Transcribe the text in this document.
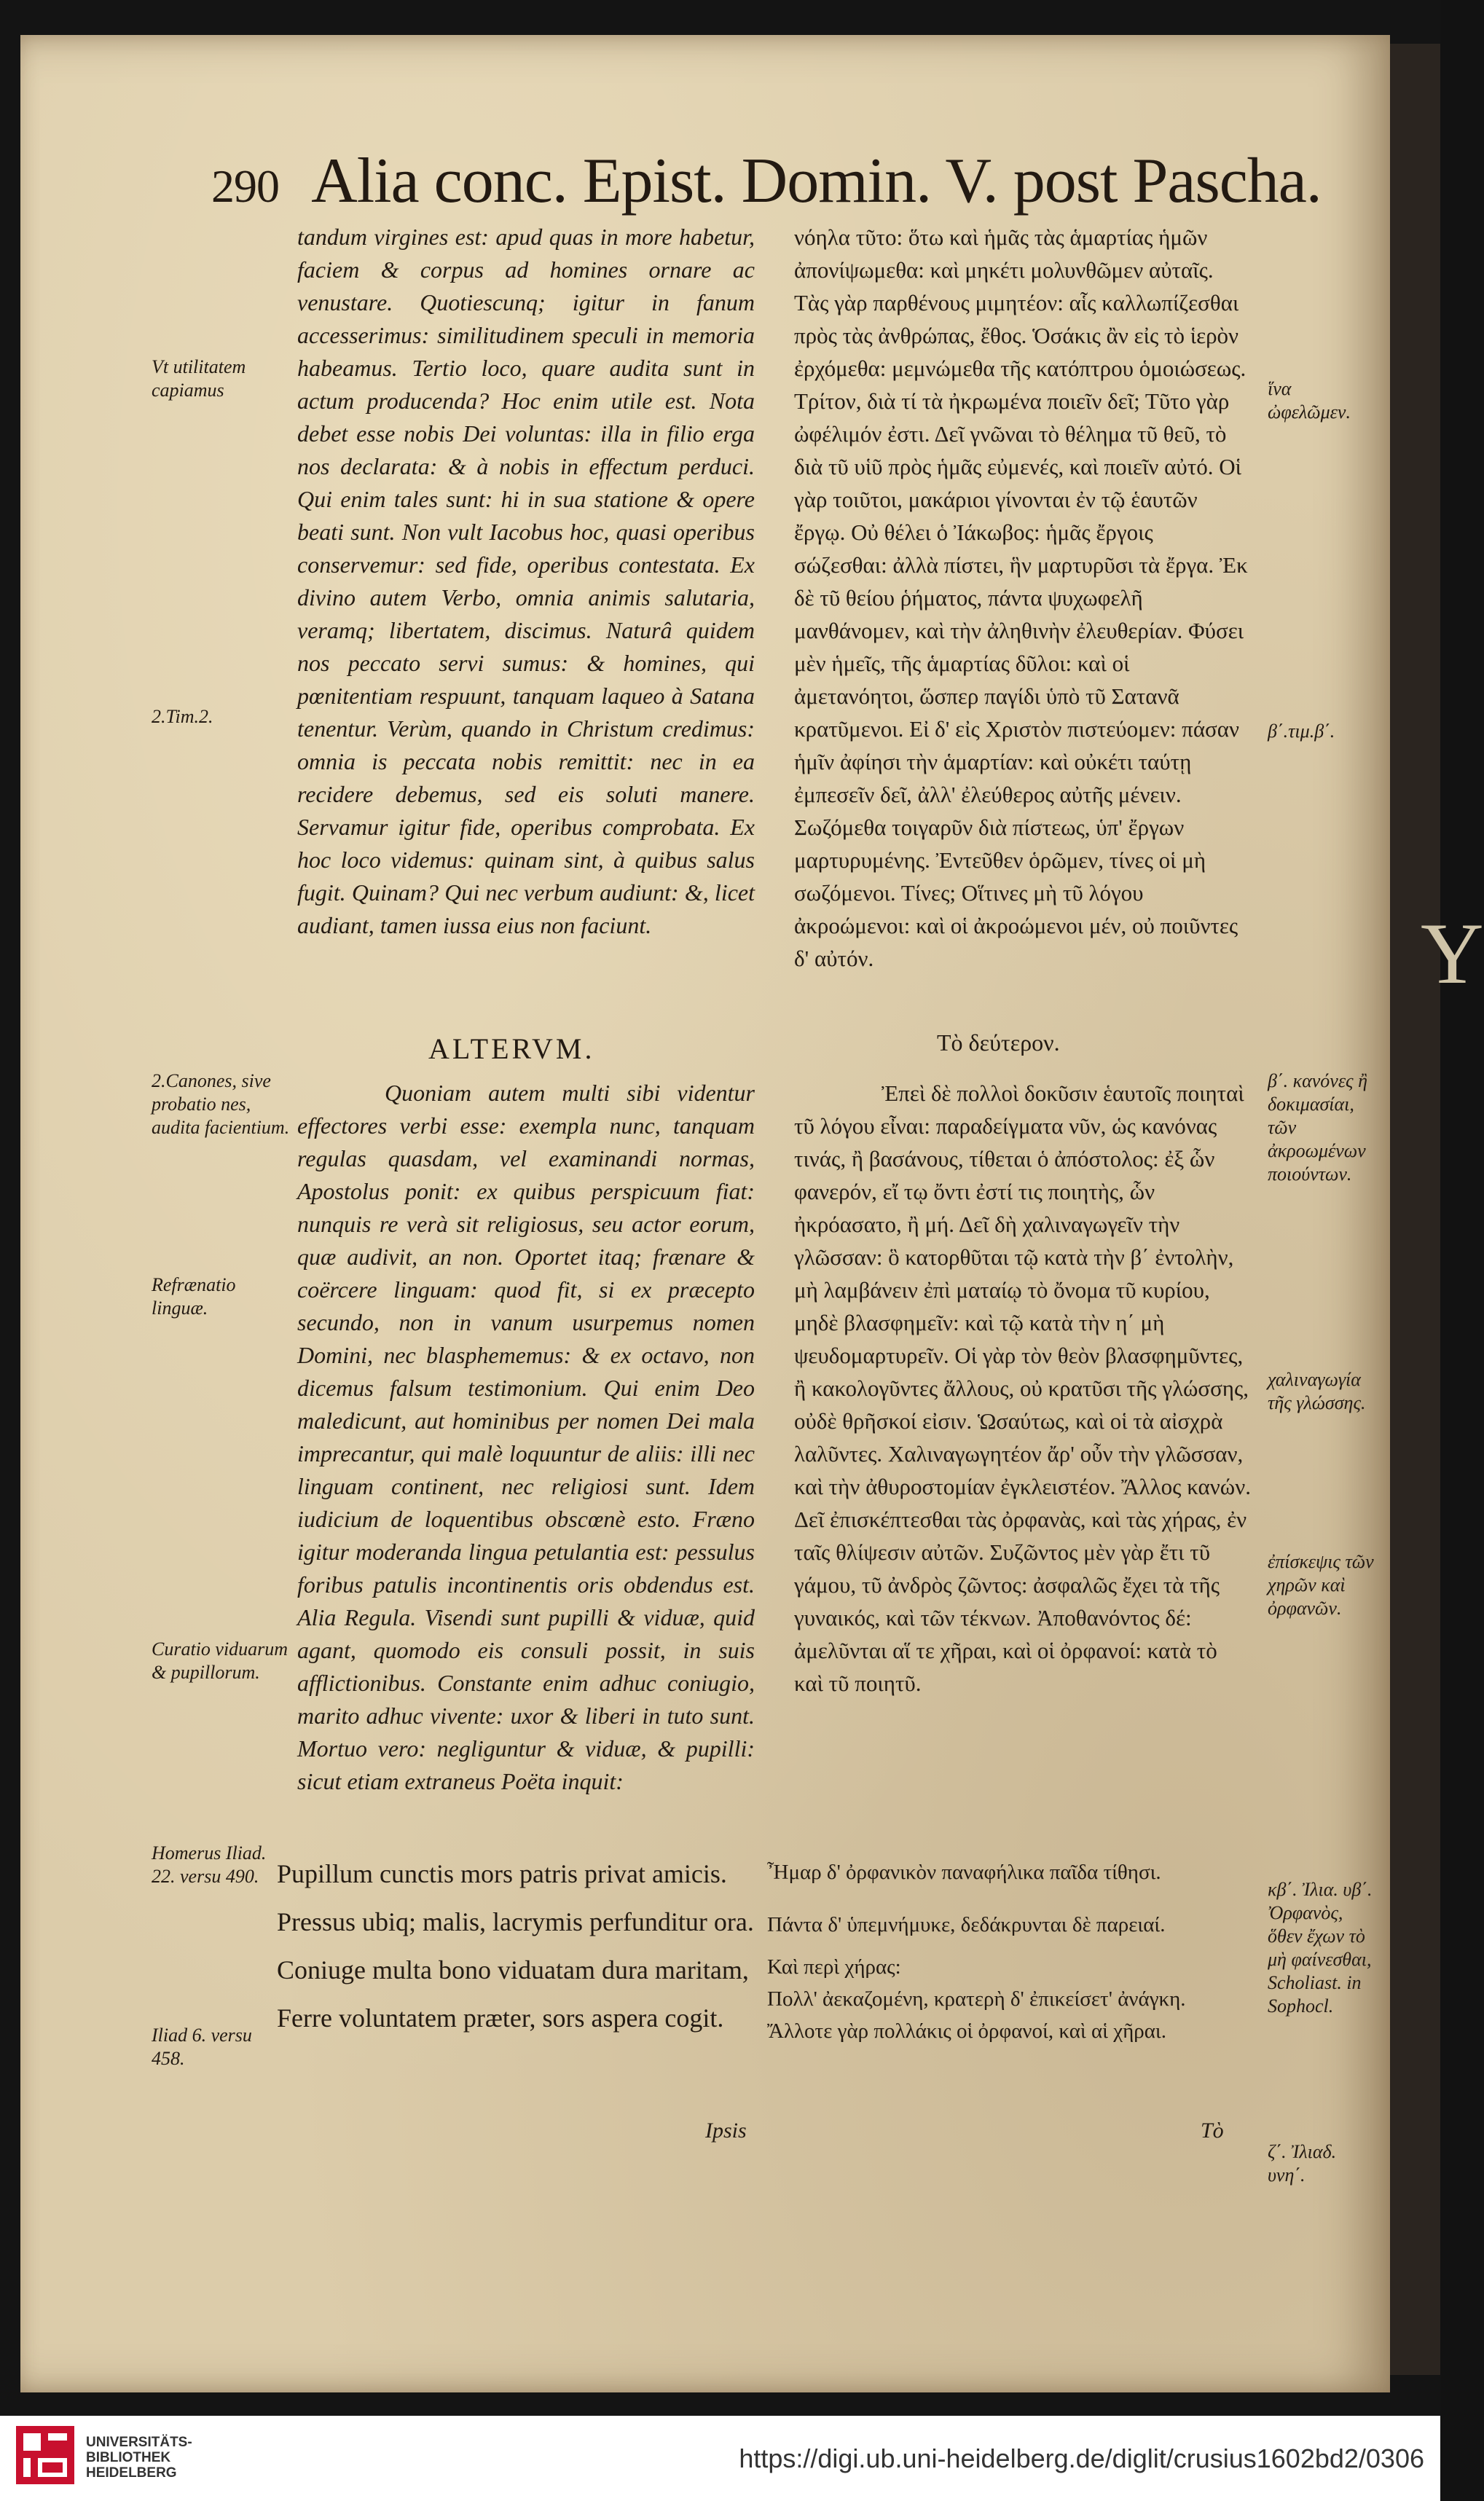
Y
290 Alia conc. Epist. Domin. V. post Pascha.

tandum virgines est: apud quas in more habetur, faciem & corpus ad homines ornare ac venustare. Quotiescunq; igitur in fanum accesserimus: similitudinem speculi in memoria habeamus. Tertio loco, quare audita sunt in actum producenda? Hoc enim utile est. Nota debet esse nobis Dei voluntas: illa in filio erga nos declarata: & à nobis in effectum perduci. Qui enim tales sunt: hi in sua statione & opere beati sunt. Non vult Iacobus hoc, quasi operibus conservemur: sed fide, operibus contestata. Ex divino autem Verbo, omnia animis salutaria, veramq; libertatem, discimus. Naturâ quidem nos peccato servi sumus: & homines, qui pœnitentiam respuunt, tanquam laqueo à Satana tenentur. Verùm, quando in Christum credimus: omnia is peccata nobis remittit: nec in ea recidere debemus, sed eis soluti manere. Servamur igitur fide, operibus comprobata. Ex hoc loco videmus: quinam sint, à quibus salus fugit. Quinam? Qui nec verbum audiunt: &, licet audiant, tamen iussa eius non faciunt.

νόηλα τῦτο: ὅτω καὶ ἡμᾶς τὰς ἁμαρτίας ἡμῶν ἀπονίψωμεθα: καὶ μηκέτι μολυνθῶμεν αὐταῖς. Τὰς γὰρ παρθένους μιμητέον: αἷς καλλωπίζεσθαι πρὸς τὰς ἀνθρώπας, ἔθος. Ὁσάκις ἂν εἰς τὸ ἱερὸν ἐρχόμεθα: μεμνώμεθα τῆς κατόπτρου ὁμοιώσεως. Τρίτον, διὰ τί τὰ ἠκρωμένα ποιεῖν δεῖ; Τῦτο γὰρ ὠφέλιμόν ἐστι. Δεῖ γνῶναι τὸ θέλημα τῦ θεῦ, τὸ διὰ τῦ υἱῦ πρὸς ἡμᾶς εὐμενές, καὶ ποιεῖν αὐτό. Οἱ γὰρ τοιῦτοι, μακάριοι γίνονται ἐν τῷ ἑαυτῶν ἔργῳ. Οὐ θέλει ὁ Ἰάκωβος: ἡμᾶς ἔργοις σώζεσθαι: ἀλλὰ πίστει, ἣν μαρτυρῦσι τὰ ἔργα. Ἐκ δὲ τῦ θείου ῥήματος, πάντα ψυχωφελῆ μανθάνομεν, καὶ τὴν ἀληθινὴν ἐλευθερίαν. Φύσει μὲν ἡμεῖς, τῆς ἁμαρτίας δῦλοι: καὶ οἱ ἀμετανόητοι, ὥσπερ παγίδι ὑπὸ τῦ Σατανᾶ κρατῦμενοι. Εἰ δ' εἰς Χριστὸν πιστεύομεν: πάσαν ἡμῖν ἀφίησι τὴν ἁμαρτίαν: καὶ οὐκέτι ταύτῃ ἐμπεσεῖν δεῖ, ἀλλ' ἐλεύθερος αὐτῆς μένειν. Σωζόμεθα τοιγαρῦν διὰ πίστεως, ὑπ' ἔργων μαρτυρυμένης. Ἐντεῦθεν ὁρῶμεν, τίνες οἱ μὴ σωζόμενοι. Τίνες; Οἵτινες μὴ τῦ λόγου ἀκροώμενοι: καὶ οἱ ἀκροώμενοι μέν, οὐ ποιῦντες δ' αὐτόν.

ALTERVM.	Τὸ δεύτερον.

Quoniam autem multi sibi videntur effectores verbi esse: exempla nunc, tanquam regulas quasdam, vel examinandi normas, Apostolus ponit: ex quibus perspicuum fiat: nunquis re verà sit religiosus, seu actor eorum, quæ audivit, an non. Oportet itaq; frænare & coërcere linguam: quod fit, si ex præcepto secundo, non in vanum usurpemus nomen Domini, nec blasphememus: & ex octavo, non dicemus falsum testimonium. Qui enim Deo maledicunt, aut hominibus per nomen Dei mala imprecantur, qui malè loquuntur de aliis: illi nec linguam continent, nec religiosi sunt. Idem iudicium de loquentibus obscœnè esto. Fræno igitur moderanda lingua petulantia est: pessulus foribus patulis incontinentis oris obdendus est. Alia Regula. Visendi sunt pupilli & viduæ, quid agant, quomodo eis consuli possit, in suis afflictionibus. Constante enim adhuc coniugio, marito adhuc vivente: uxor & liberi in tuto sunt. Mortuo vero: negliguntur & viduæ, & pupilli: sicut etiam extraneus Poëta inquit:

Ἐπεὶ δὲ πολλοὶ δοκῦσιν ἑαυτοῖς ποιηταὶ τῦ λόγου εἶναι: παραδείγματα νῦν, ὡς κανόνας τινάς, ἢ βασάνους, τίθεται ὁ ἀπόστολος: ἐξ ὧν φανερόν, εἴ τῳ ὄντι ἐστί τις ποιητὴς, ὧν ἠκρόασατο, ἢ μή. Δεῖ δὴ χαλιναγωγεῖν τὴν γλῶσσαν: ὃ κατορθῦται τῷ κατὰ τὴν β΄ ἐντολὴν, μὴ λαμβάνειν ἐπὶ ματαίῳ τὸ ὄνομα τῦ κυρίου, μηδὲ βλασφημεῖν: καὶ τῷ κατὰ τὴν η΄ μὴ ψευδομαρτυρεῖν. Οἱ γὰρ τὸν θεὸν βλασφημῦντες, ἢ κακολογῦντες ἄλλους, οὐ κρατῦσι τῆς γλώσσης, οὐδὲ θρῆσκοί εἰσιν. Ὡσαύτως, καὶ οἱ τὰ αἰσχρὰ λαλῦντες. Χαλιναγωγητέον ἄρ' οὖν τὴν γλῶσσαν, καὶ τὴν ἀθυροστομίαν ἐγκλειστέον. Ἄλλος κανών. Δεῖ ἐπισκέπτεσθαι τὰς ὀρφανὰς, καὶ τὰς χήρας, ἐν ταῖς θλίψεσιν αὐτῶν. Συζῶντος μὲν γὰρ ἔτι τῦ γάμου, τῦ ἀνδρὸς ζῶντος: ἀσφαλῶς ἔχει τὰ τῆς γυναικός, καὶ τῶν τέκνων. Ἀποθανόντος δέ: ἀμελῦνται αἵ τε χῆραι, καὶ οἱ ὀρφανοί: κατὰ τὸ καὶ τῦ ποιητῦ.

Vt utilitatem capiamus
2.Tim.2.
2.Canones, sive probatio nes, audita facientium.
Refrænatio linguæ.
Curatio viduarum & pupillorum.
Homerus Iliad. 22. versu 490.
Iliad 6. versu 458.
ἵνα ὠφελῶμεν.
β΄.τιμ.β΄.
β΄. κανόνες ἢ δοκιμασίαι, τῶν ἀκροωμένων ποιούντων.
χαλιναγωγία τῆς γλώσσης.
ἐπίσκεψις τῶν χηρῶν καὶ ὀρφανῶν.
κβ΄. Ἰλια. υβ΄. Ὀρφανὸς, ὅθεν ἔχων τὸ μὴ φαίνεσθαι, Scholiast. in Sophocl.
ζ΄. Ἰλιαδ. υνη΄.
Pupillum cunctis mors patris privat amicis.
Pressus ubiq; malis, lacrymis perfunditur ora.
Coniuge multa bono viduatam dura maritam,
Ferre voluntatem præter, sors aspera cogit.
Ἦμαρ δ' ὀρφανικὸν παναφήλικα παῖδα τίθησι.
Πάντα δ' ὑπεμνήμυκε, δεδάκρυνται δὲ παρειαί.
Καὶ περὶ χήρας:
Πολλ' ἀεκαζομένη, κρατερὴ δ' ἐπικείσετ' ἀνάγκη.
Ἄλλοτε γὰρ πολλάκις οἱ ὀρφανοί, καὶ αἱ χῆραι.
Ipsis	Τὸ
UNIVERSITÄTS-
BIBLIOTHEK
HEIDELBERG	https://digi.ub.uni-heidelberg.de/diglit/crusius1602bd2/0306
